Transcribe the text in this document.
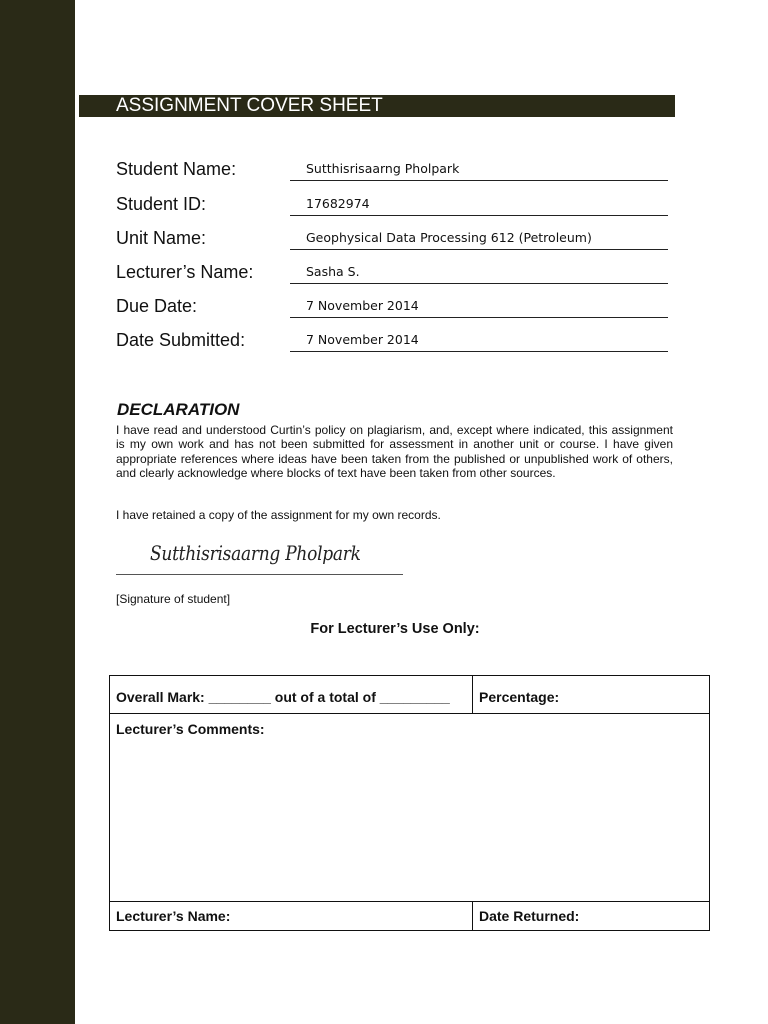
ASSIGNMENT COVER SHEET
Student Name:	Sutthisrisaarng Pholpark
Student ID:	17682974
Unit Name:	Geophysical Data Processing 612 (Petroleum)
Lecturer’s Name:	Sasha S.
Due Date:	7 November 2014
Date Submitted:	7 November 2014
DECLARATION

I have read and understood Curtin’s policy on plagiarism, and, except where indicated, this assignment is my own work and has not been submitted for assessment in another unit or course. I have given appropriate references where ideas have been taken from the published or unpublished work of others, and clearly acknowledge where blocks of text have been taken from other sources.

I have retained a copy of the assignment for my own records.
Sutthisrisaarng Pholpark
[Signature of student]
For Lecturer’s Use Only:
Overall Mark: ________ out of a total of _________ Percentage:
Lecturer’s Comments:
Lecturer’s Name:	Date Returned:
